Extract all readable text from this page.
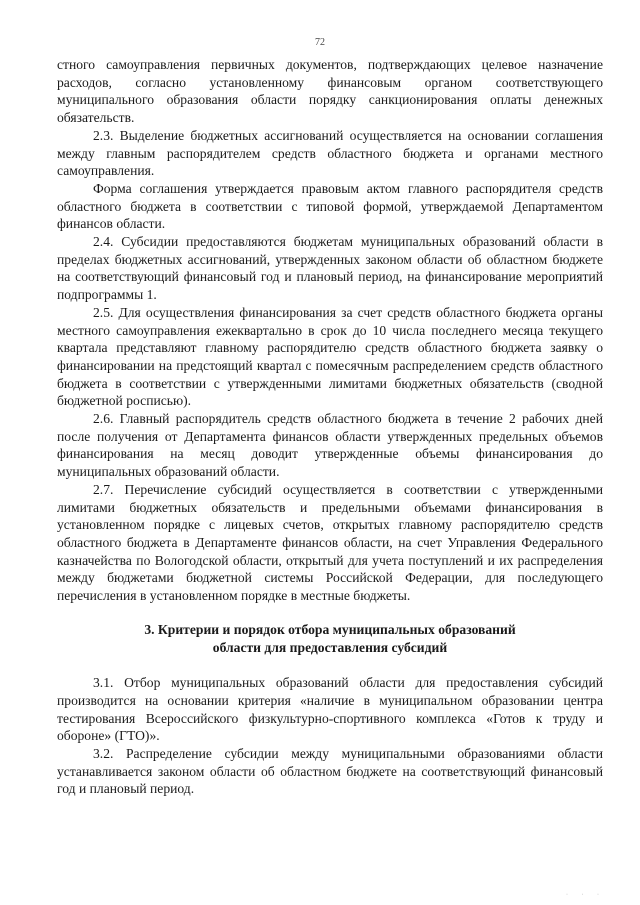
72

стного самоуправления первичных документов, подтверждающих целевое назначение расходов, согласно установленному финансовым органом соответствующего муниципального образования области порядку санкционирования оплаты денежных обязательств.

2.3. Выделение бюджетных ассигнований осуществляется на основании соглашения между главным распорядителем средств областного бюджета и органами местного самоуправления.

Форма соглашения утверждается правовым актом главного распорядителя средств областного бюджета в соответствии с типовой формой, утверждаемой Департаментом финансов области.

2.4. Субсидии предоставляются бюджетам муниципальных образований области в пределах бюджетных ассигнований, утвержденных законом области об областном бюджете на соответствующий финансовый год и плановый период, на финансирование мероприятий подпрограммы 1.

2.5. Для осуществления финансирования за счет средств областного бюджета органы местного самоуправления ежеквартально в срок до 10 числа последнего месяца текущего квартала представляют главному распорядителю средств областного бюджета заявку о финансировании на предстоящий квартал с помесячным распределением средств областного бюджета в соответствии с утвержденными лимитами бюджетных обязательств (сводной бюджетной росписью).

2.6. Главный распорядитель средств областного бюджета в течение 2 рабочих дней после получения от Департамента финансов области утвержденных предельных объемов финансирования на месяц доводит утвержденные объемы финансирования до муниципальных образований области.

2.7. Перечисление субсидий осуществляется в соответствии с утвержденными лимитами бюджетных обязательств и предельными объемами финансирования в установленном порядке с лицевых счетов, открытых главному распорядителю средств областного бюджета в Департаменте финансов области, на счет Управления Федерального казначейства по Вологодской области, открытый для учета поступлений и их распределения между бюджетами бюджетной системы Российской Федерации, для последующего перечисления в установленном порядке в местные бюджеты.

3. Критерии и порядок отбора муниципальных образований
области для предоставления субсидий

3.1. Отбор муниципальных образований области для предоставления субсидий производится на основании критерия «наличие в муниципальном образовании центра тестирования Всероссийского физкультурно-спортивного комплекса «Готов к труду и обороне» (ГТО)».

3.2. Распределение субсидии между муниципальными образованиями области устанавливается законом области об областном бюджете на соответствующий финансовый год и плановый период.

· · ·
